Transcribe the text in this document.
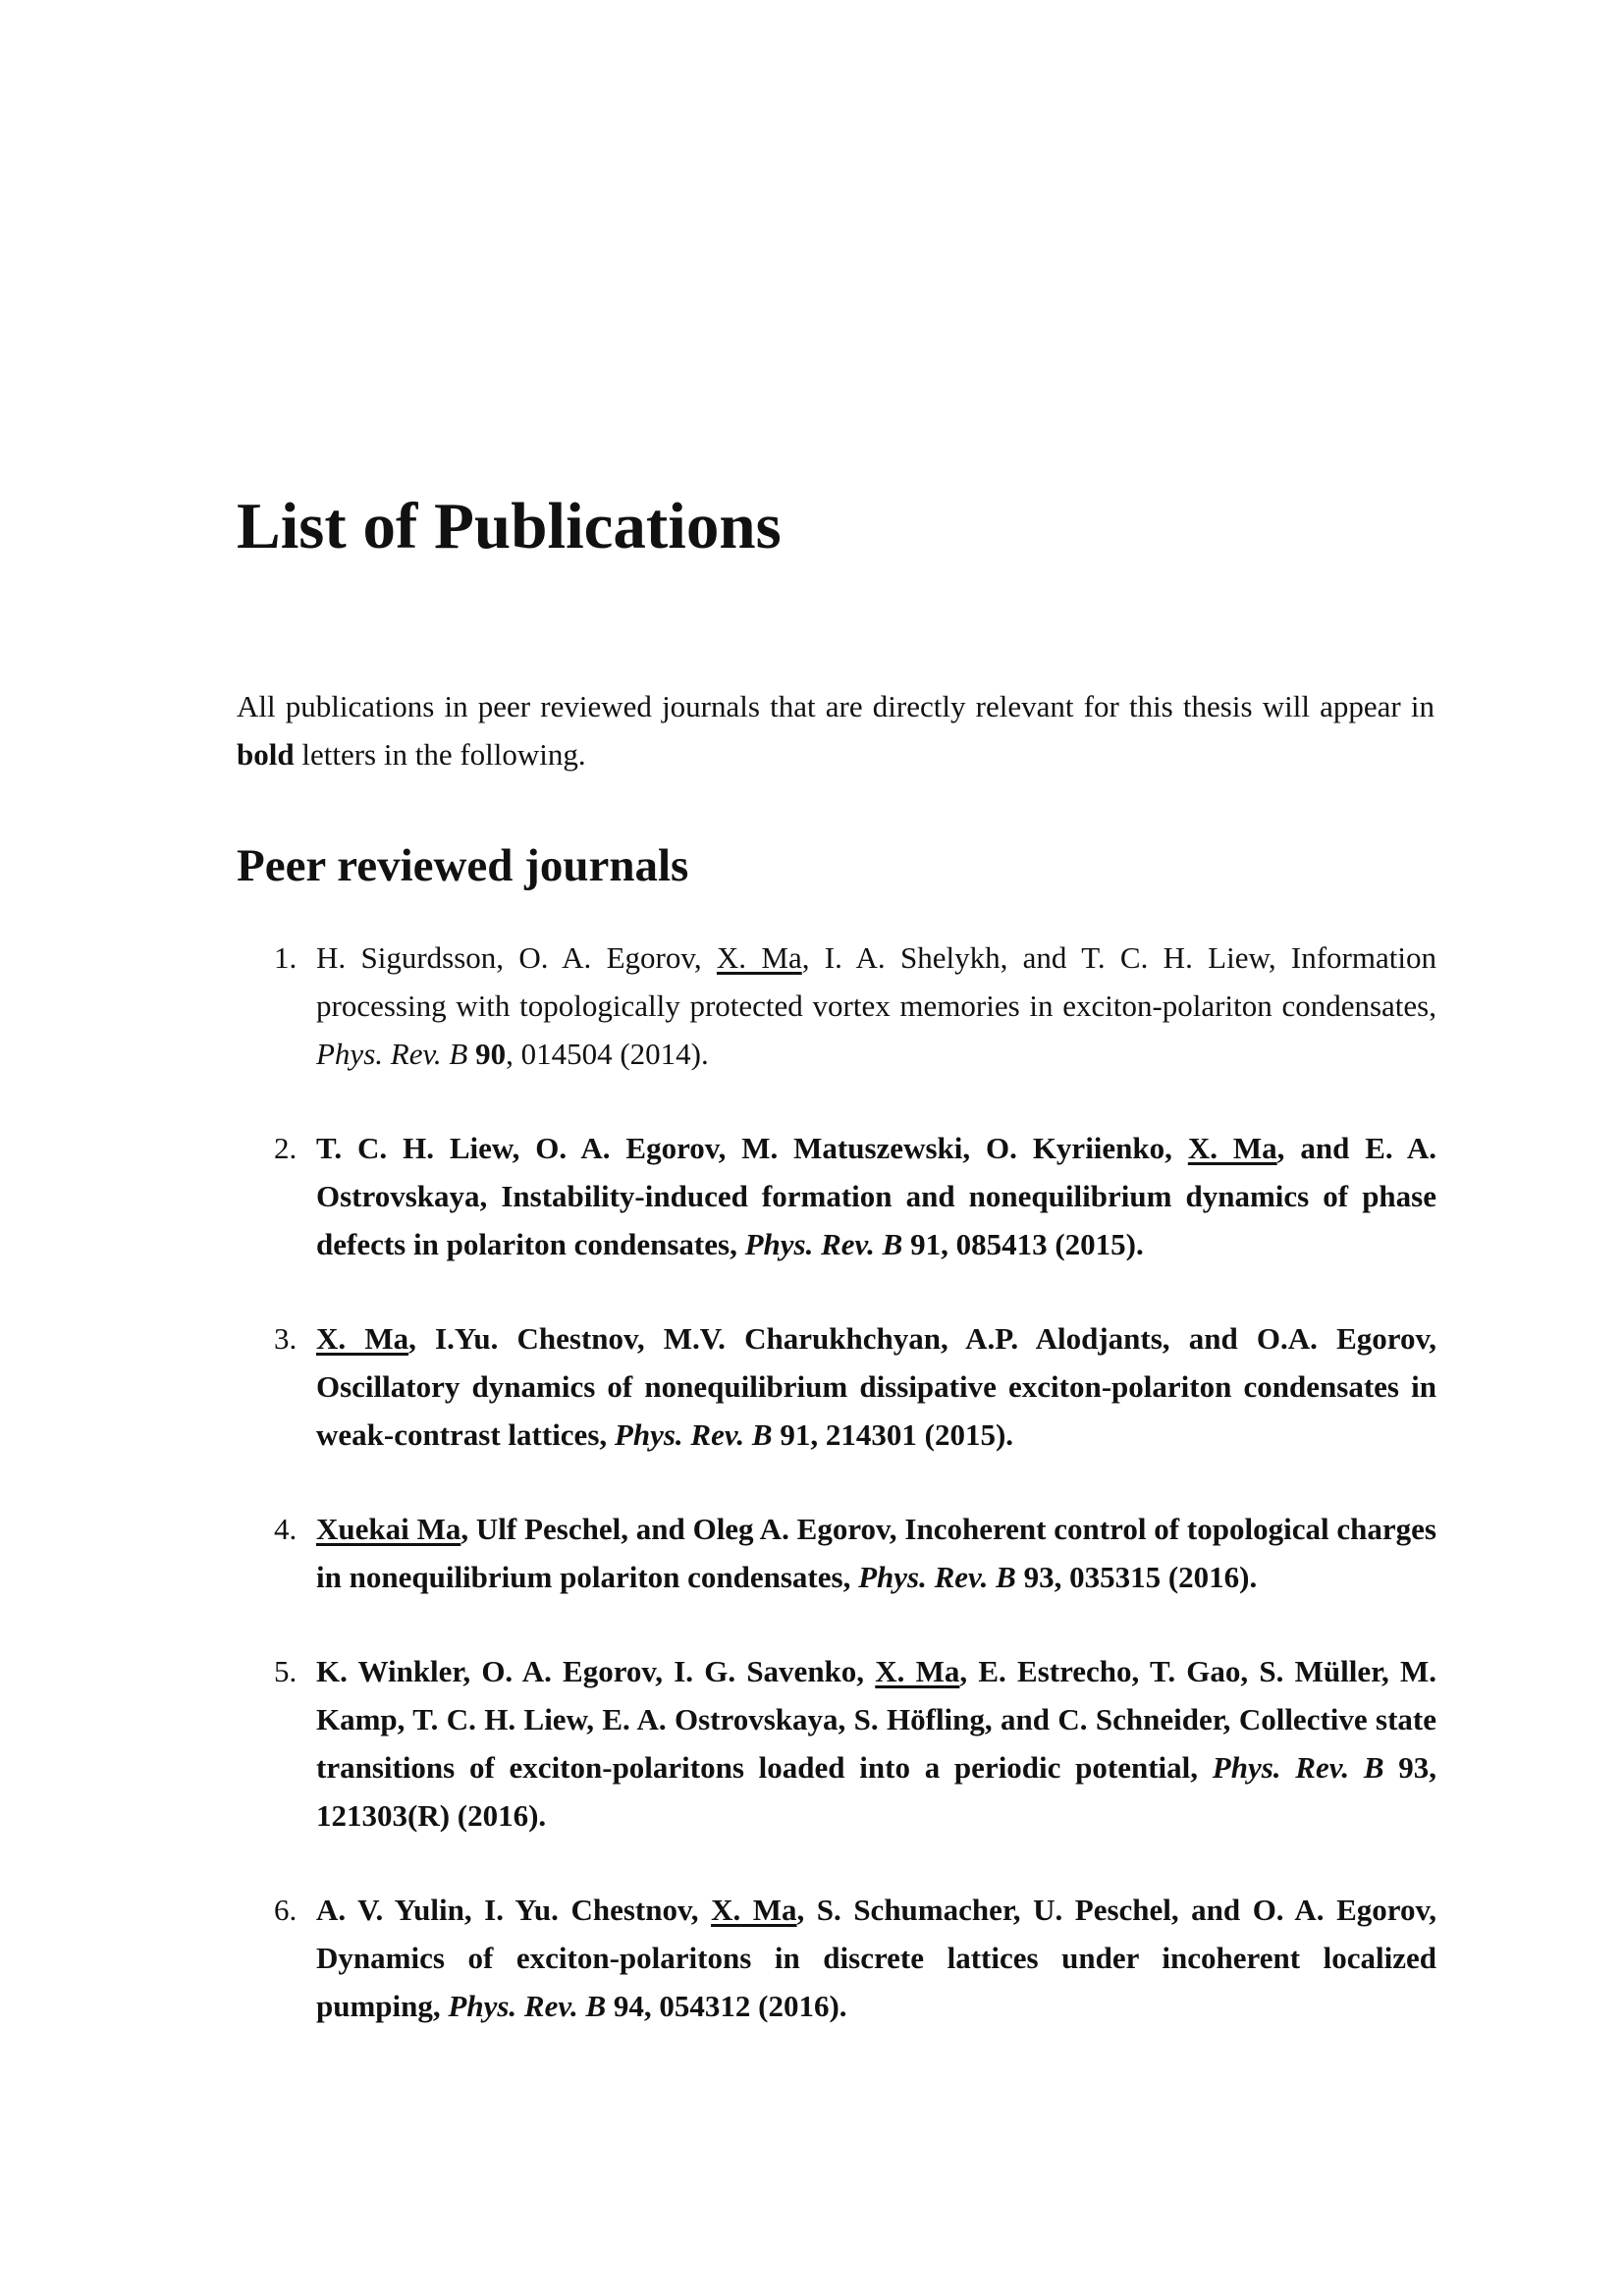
List of Publications

All publications in peer reviewed journals that are directly relevant for this thesis will appear in bold letters in the following.

Peer reviewed journals
1. H. Sigurdsson, O. A. Egorov, X. Ma, I. A. Shelykh, and T. C. H. Liew, Information processing with topologically protected vortex memories in exciton-polariton condensates, Phys. Rev. B 90, 014504 (2014).
2. T. C. H. Liew, O. A. Egorov, M. Matuszewski, O. Kyriienko, X. Ma, and E. A. Ostrovskaya, Instability-induced formation and nonequilibrium dynamics of phase defects in polariton condensates, Phys. Rev. B 91, 085413 (2015).
3. X. Ma, I.Yu. Chestnov, M.V. Charukhchyan, A.P. Alodjants, and O.A. Egorov, Oscillatory dynamics of nonequilibrium dissipative exciton-polariton condensates in weak-contrast lattices, Phys. Rev. B 91, 214301 (2015).
4. Xuekai Ma, Ulf Peschel, and Oleg A. Egorov, Incoherent control of topological charges in nonequilibrium polariton condensates, Phys. Rev. B 93, 035315 (2016).
5. K. Winkler, O. A. Egorov, I. G. Savenko, X. Ma, E. Estrecho, T. Gao, S. Müller, M. Kamp, T. C. H. Liew, E. A. Ostrovskaya, S. Höfling, and C. Schneider, Collective state transitions of exciton-polaritons loaded into a periodic potential, Phys. Rev. B 93, 121303(R) (2016).
6. A. V. Yulin, I. Yu. Chestnov, X. Ma, S. Schumacher, U. Peschel, and O. A. Egorov, Dynamics of exciton-polaritons in discrete lattices under incoherent localized pumping, Phys. Rev. B 94, 054312 (2016).
